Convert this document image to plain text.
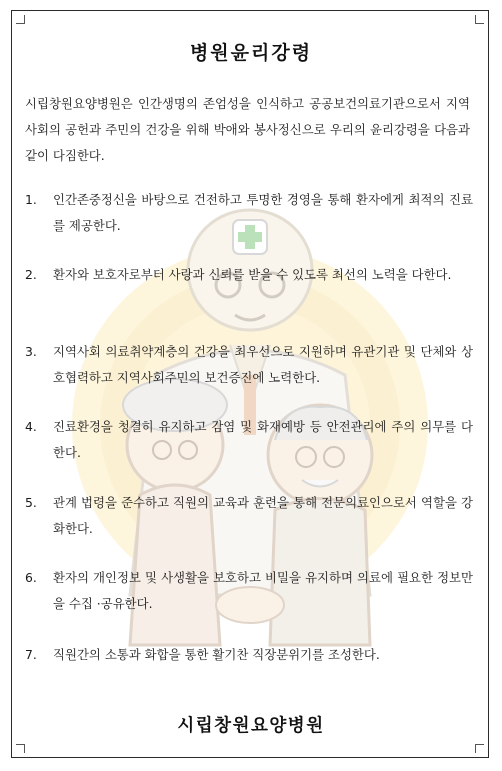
병원윤리강령
시립창원요양병원은 인간생명의 존엄성을 인식하고 공공보건의료기관으로서 지역사회의 공헌과 주민의 건강을 위해 박애와 봉사정신으로 우리의 윤리강령을 다음과 같이 다짐한다.
1.	인간존중정신을 바탕으로 건전하고 투명한 경영을 통해 환자에게 최적의 진료를 제공한다.
2.	환자와 보호자로부터 사랑과 신뢰를 받을 수 있도록 최선의 노력을 다한다.
3.	지역사회 의료취약계층의 건강을 최우선으로 지원하며 유관기관 및 단체와 상호협력하고 지역사회주민의 보건증진에 노력한다.
4.	진료환경을 청결히 유지하고 감염 및 화재예방 등 안전관리에 주의 의무를 다한다.
5.	관계 법령을 준수하고 직원의 교육과 훈련을 통해 전문의료인으로서 역할을 강화한다.
6.	환자의 개인정보 및 사생활을 보호하고 비밀을 유지하며 의료에 필요한 정보만을 수집 ·공유한다.
7.	직원간의 소통과 화합을 통한 활기찬 직장분위기를 조성한다.
시립창원요양병원
